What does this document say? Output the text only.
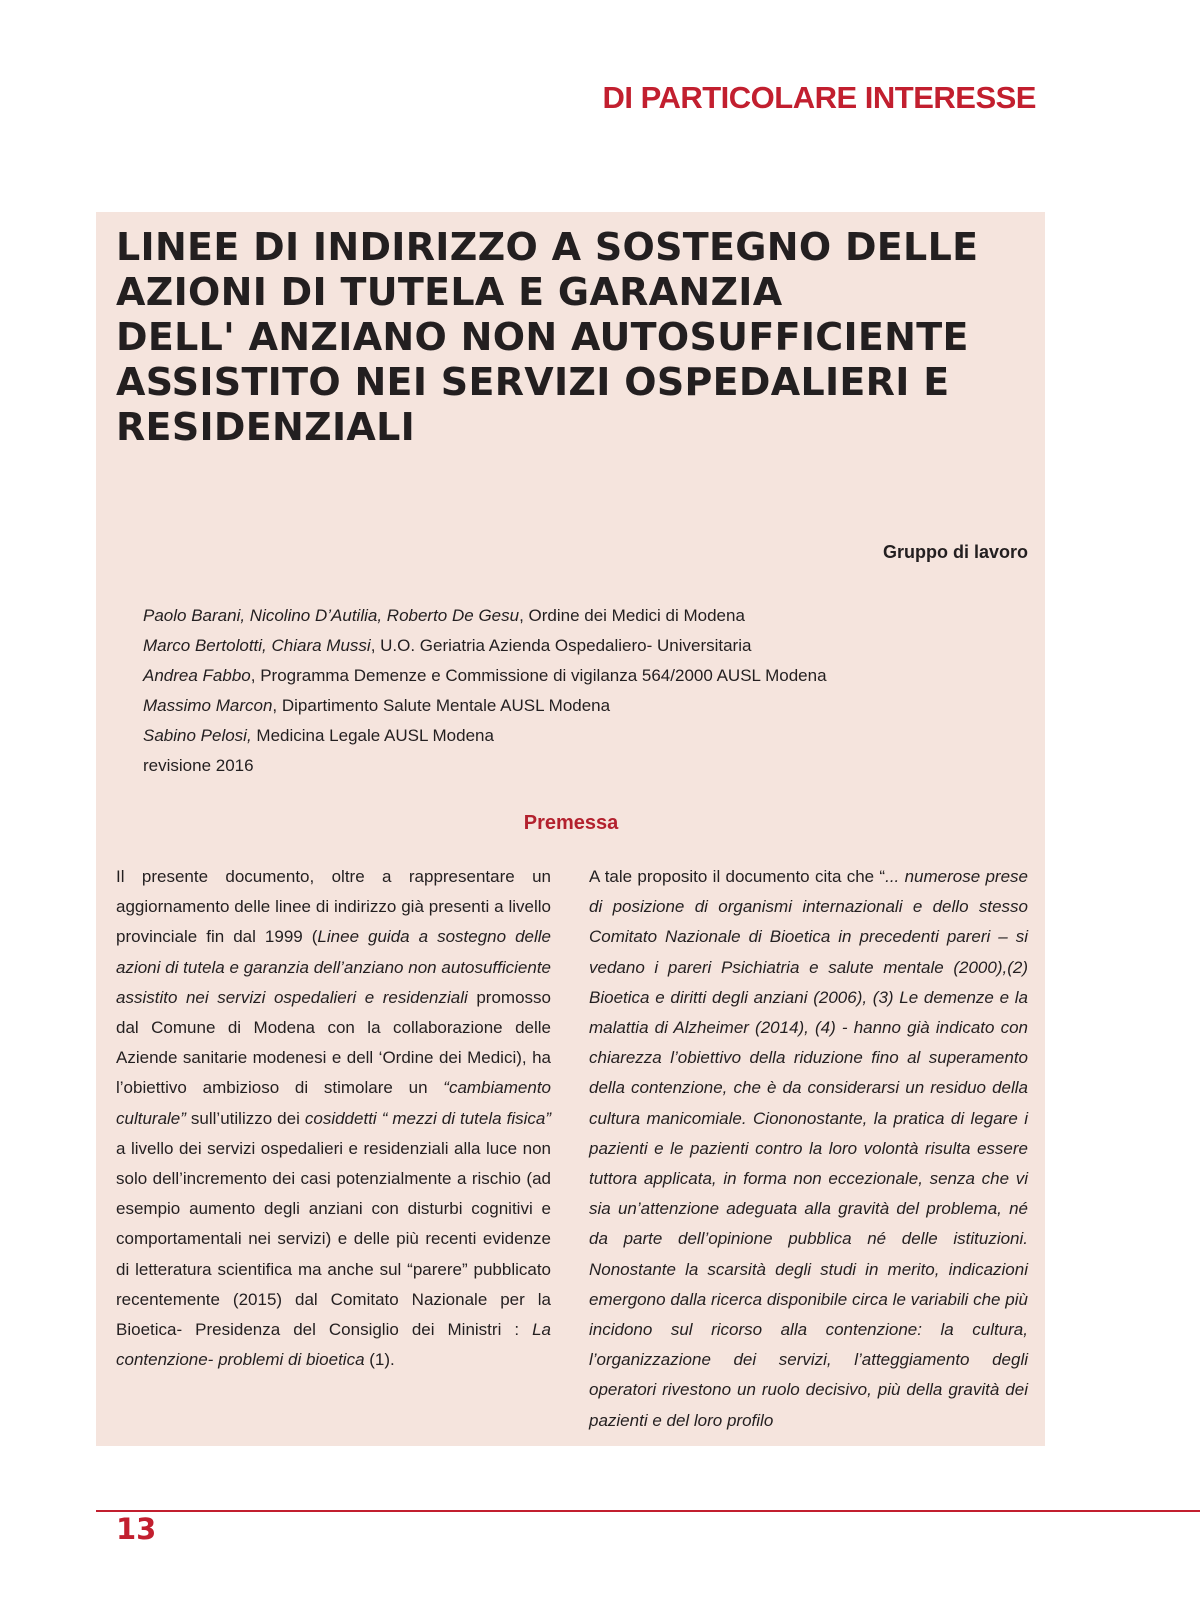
DI PARTICOLARE INTERESSE
LINEE DI INDIRIZZO A SOSTEGNO DELLE
AZIONI DI TUTELA E GARANZIA
DELL' ANZIANO NON AUTOSUFFICIENTE
ASSISTITO NEI SERVIZI OSPEDALIERI E
RESIDENZIALI
Gruppo di lavoro
Paolo Barani, Nicolino D’Autilia, Roberto De Gesu, Ordine dei Medici di Modena
Marco Bertolotti, Chiara Mussi, U.O. Geriatria Azienda Ospedaliero- Universitaria
Andrea Fabbo, Programma Demenze e Commissione di vigilanza 564/2000 AUSL Modena
Massimo Marcon, Dipartimento Salute Mentale AUSL Modena
Sabino Pelosi, Medicina Legale AUSL Modena
revisione 2016
Premessa

Il presente documento, oltre a rappresentare un aggiornamento delle linee di indirizzo già presenti a livello provinciale fin dal 1999 (Linee guida a sostegno delle azioni di tutela e garanzia dell’anziano non autosufficiente assistito nei servizi ospedalieri e residenziali promosso dal Comune di Modena con la collaborazione delle Aziende sanitarie modenesi e dell ‘Ordine dei Medici), ha l’obiettivo ambizioso di stimolare un “cambiamento culturale” sull’utilizzo dei cosiddetti “ mezzi di tutela fisica” a livello dei servizi ospedalieri e residenziali alla luce non solo dell’incremento dei casi potenzialmente a rischio (ad esempio aumento degli anziani con disturbi cognitivi e comportamentali nei servizi) e delle più recenti evidenze di letteratura scientifica ma anche sul “parere” pubblicato recentemente (2015) dal Comitato Nazionale per la Bioetica- Presidenza del Consiglio dei Ministri : La contenzione- problemi di bioetica (1).

A tale proposito il documento cita che “... numerose prese di posizione di organismi internazionali e dello stesso Comitato Nazionale di Bioetica in precedenti pareri – si vedano i pareri Psichiatria e salute mentale (2000),(2) Bioetica e diritti degli anziani (2006), (3) Le demenze e la malattia di Alzheimer (2014), (4) - hanno già indicato con chiarezza l’obiettivo della riduzione fino al superamento della contenzione, che è da considerarsi un residuo della cultura manicomiale. Ciononostante, la pratica di legare i pazienti e le pazienti contro la loro volontà risulta essere tuttora applicata, in forma non eccezionale, senza che vi sia un’attenzione adeguata alla gravità del problema, né da parte dell’opinione pubblica né delle istituzioni. Nonostante la scarsità degli studi in merito, indicazioni emergono dalla ricerca disponibile circa le variabili che più incidono sul ricorso alla contenzione: la cultura, l’organizzazione dei servizi, l’atteggiamento degli operatori rivestono un ruolo decisivo, più della gravità dei pazienti e del loro profilo

13
